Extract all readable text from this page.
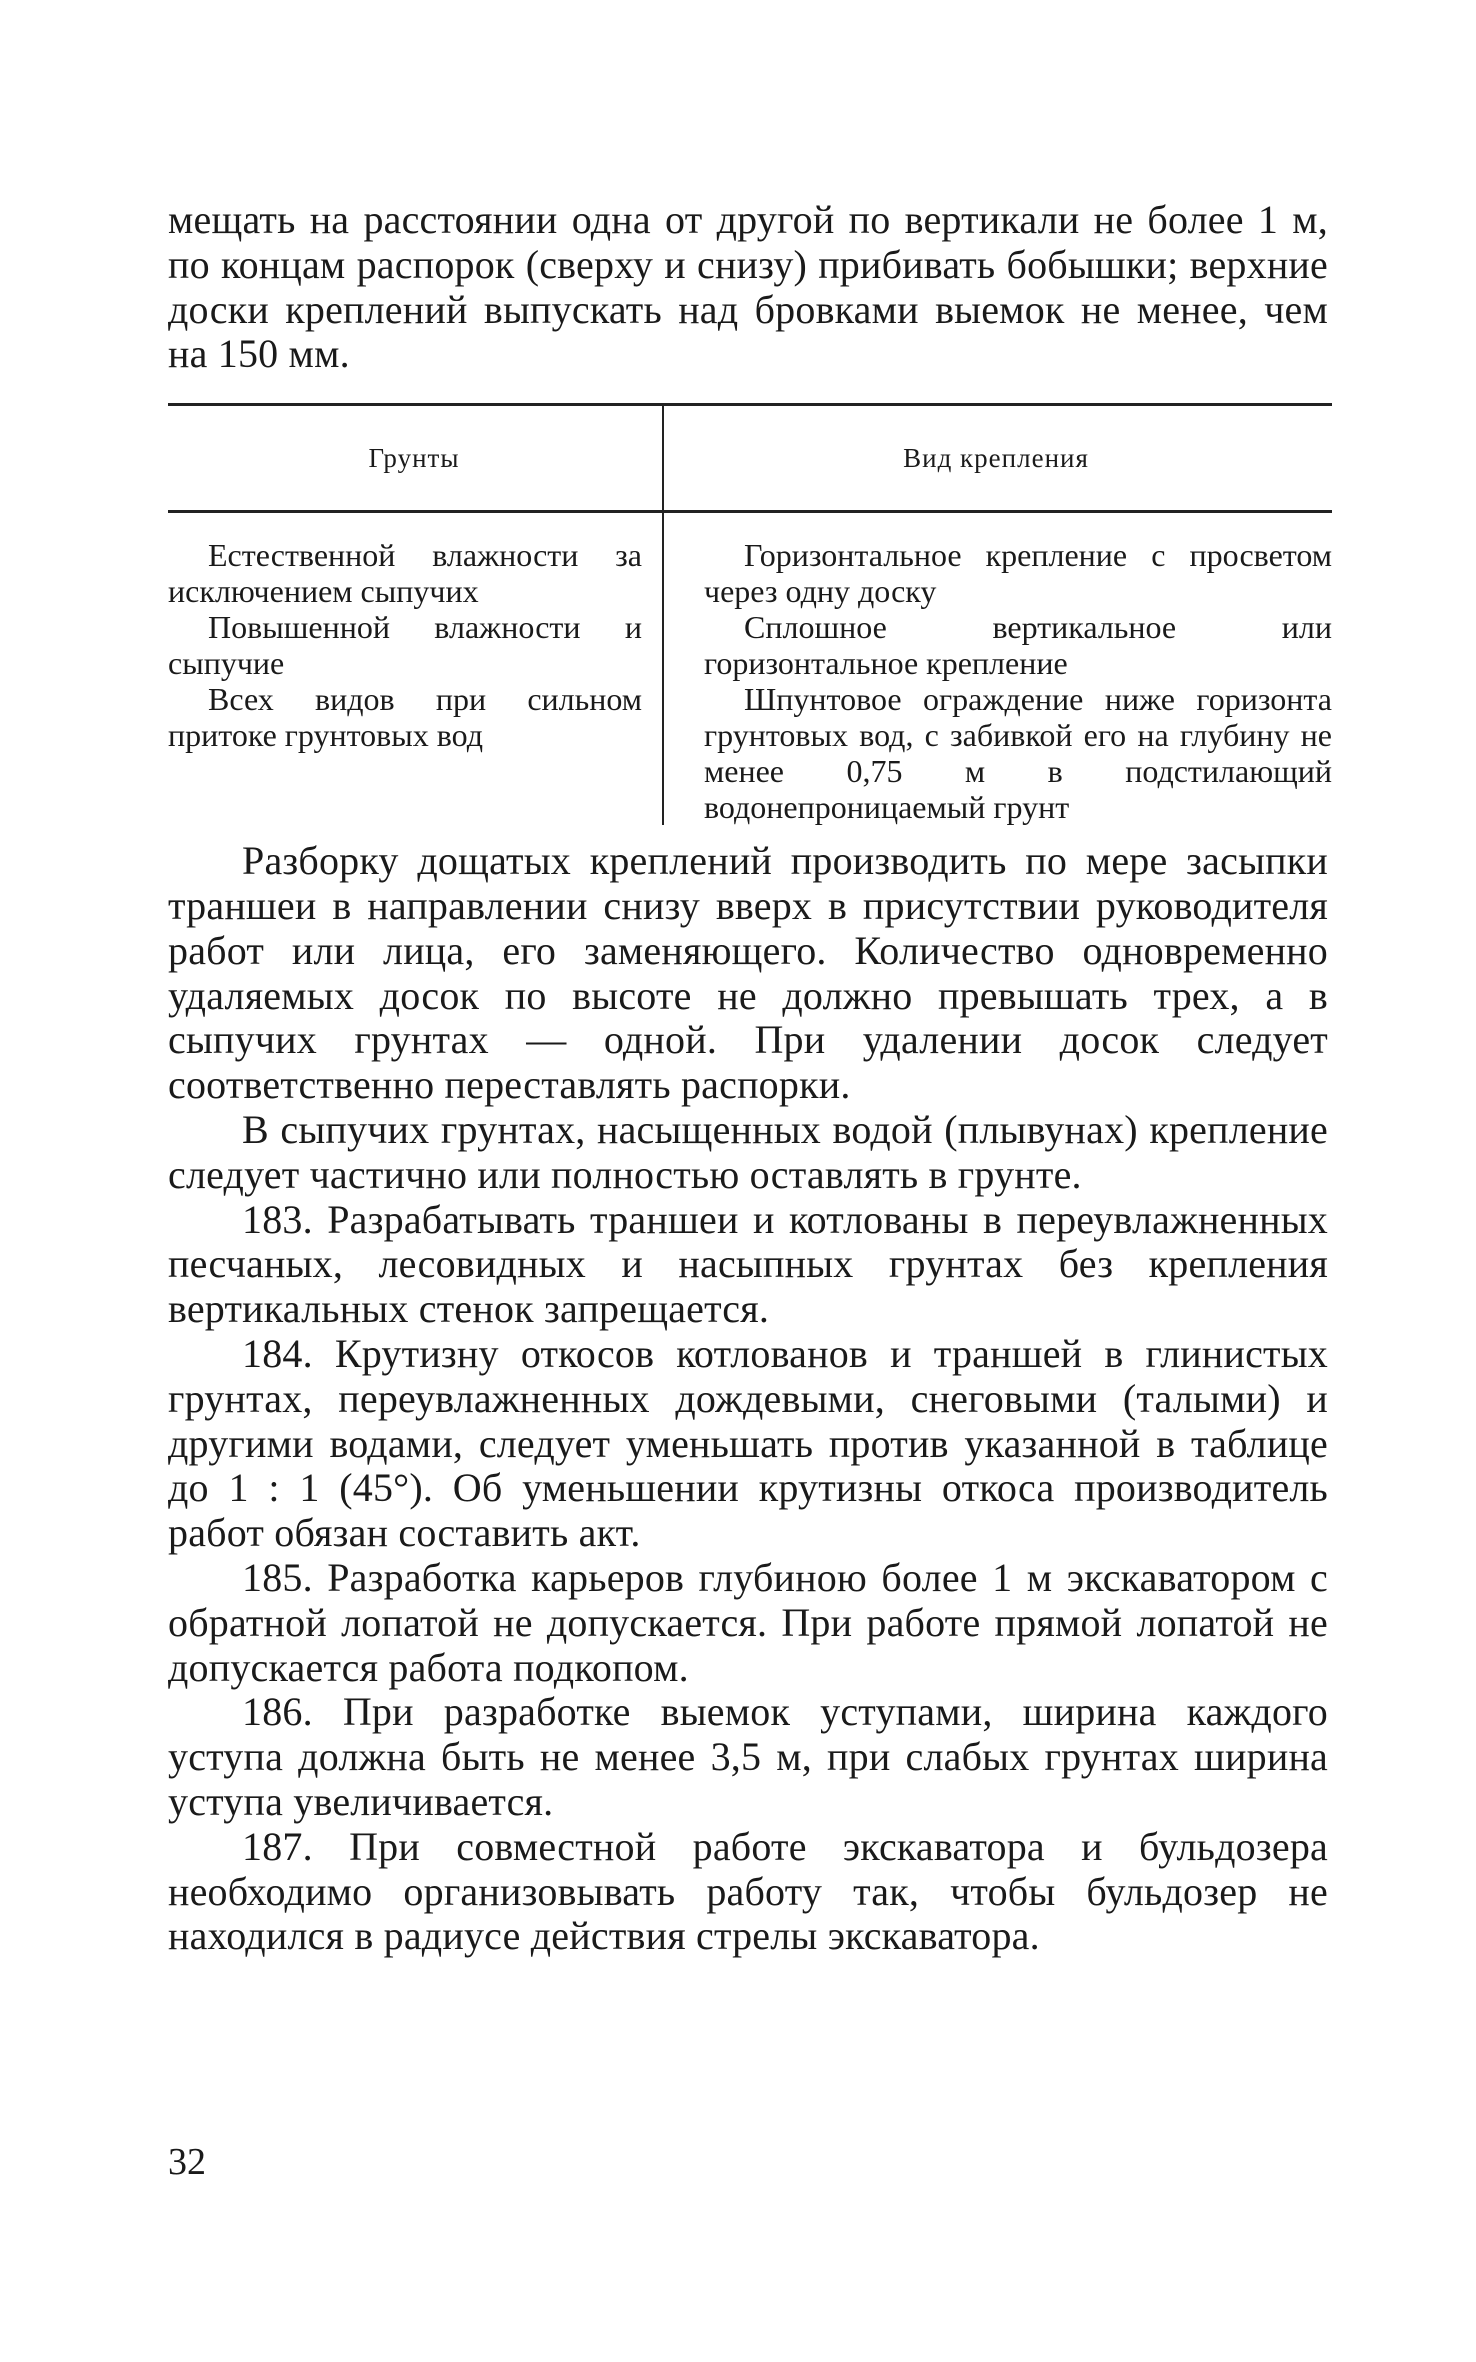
мещать на расстоянии одна от другой по вертикали не более 1 м, по концам распорок (сверху и снизу) прибивать бобышки; верхние доски креплений выпускать над бровками выемок не менее, чем на 150 мм.

Грунты	Вид крепления

Естественной влажности за исключением сыпучих

Повышенной влажности и сыпучие

Всех видов при сильном притоке грунтовых вод

Горизонтальное крепление с просветом через одну доску

Сплошное вертикальное или горизонтальное крепление

Шпунтовое ограждение ниже горизонта грунтовых вод, с забивкой его на глубину не менее 0,75 м в подстилающий водонепроницаемый грунт

Разборку дощатых креплений производить по мере засыпки траншеи в направлении снизу вверх в присутствии руководителя работ или лица, его заменяющего. Количество одновременно удаляемых досок по высоте не должно превышать трех, а в сыпучих грунтах — одной. При удалении досок следует соответственно переставлять распорки.

В сыпучих грунтах, насыщенных водой (плывунах) крепление следует частично или полностью оставлять в грунте.

183. Разрабатывать траншеи и котлованы в переувлажненных песчаных, лесовидных и насыпных грунтах без крепления вертикальных стенок запрещается.

184. Крутизну откосов котлованов и траншей в глинистых грунтах, переувлажненных дождевыми, снеговыми (талыми) и другими водами, следует уменьшать против указанной в таблице до 1 : 1 (45°). Об уменьшении крутизны откоса производитель работ обязан составить акт.

185. Разработка карьеров глубиною более 1 м экскаватором с обратной лопатой не допускается. При работе прямой лопатой не допускается работа подкопом.

186. При разработке выемок уступами, ширина каждого уступа должна быть не менее 3,5 м, при слабых грунтах ширина уступа увеличивается.

187. При совместной работе экскаватора и бульдозера необходимо организовывать работу так, чтобы бульдозер не находился в радиусе действия стрелы экскаватора.

32
